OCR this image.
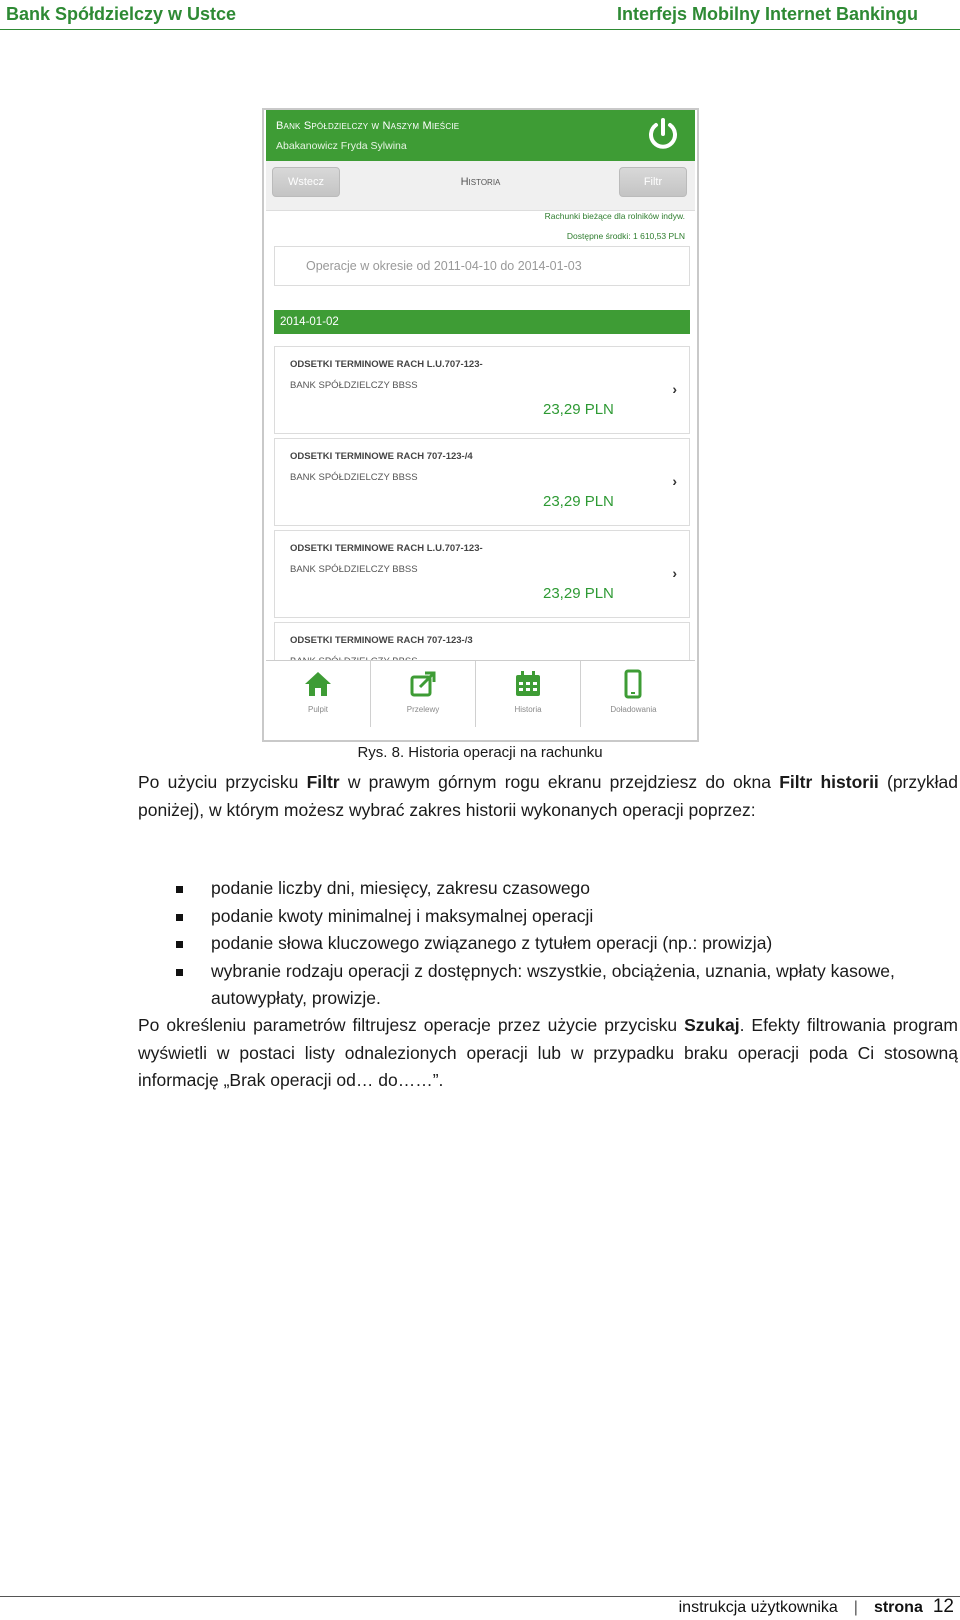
Bank Spółdzielczy w Ustce	Interfejs Mobilny Internet Bankingu
Bank Spółdzielczy w Naszym Mieście
Abakanowicz Fryda Sylwina
Wstecz	Historia	Filtr
Rachunki bieżące dla rolników indyw.
Dostępne środki: 1 610,53 PLN
Operacje w okresie od 2011-04-10 do 2014-01-03
2014-01-02
ODSETKI TERMINOWE RACH L.U.707-123-
BANK SPÓŁDZIELCZY BBSS
23,29 PLN
›
ODSETKI TERMINOWE RACH 707-123-/4
BANK SPÓŁDZIELCZY BBSS
23,29 PLN
›
ODSETKI TERMINOWE RACH L.U.707-123-
BANK SPÓŁDZIELCZY BBSS
23,29 PLN
›
ODSETKI TERMINOWE RACH 707-123-/3
Pulpit	Przelewy	Historia	Doładowania
Rys. 8. Historia operacji na rachunku

Po użyciu przycisku Filtr w prawym górnym rogu ekranu przejdziesz do okna Filtr historii (przykład poniżej), w którym możesz wybrać zakres historii wykonanych operacji poprzez:

podanie liczby dni, miesięcy, zakresu czasowego
podanie kwoty minimalnej i maksymalnej operacji
podanie słowa kluczowego związanego z tytułem operacji (np.: prowizja)
wybranie rodzaju operacji z dostępnych: wszystkie, obciążenia, uznania, wpłaty kasowe, autowypłaty, prowizje.

Po określeniu parametrów filtrujesz operacje przez użycie przycisku Szukaj. Efekty filtrowania program wyświetli w postaci listy odnalezionych operacji lub w przypadku braku operacji poda Ci stosowną informację „Brak operacji od… do……”.

instrukcja użytkownika | strona 12
